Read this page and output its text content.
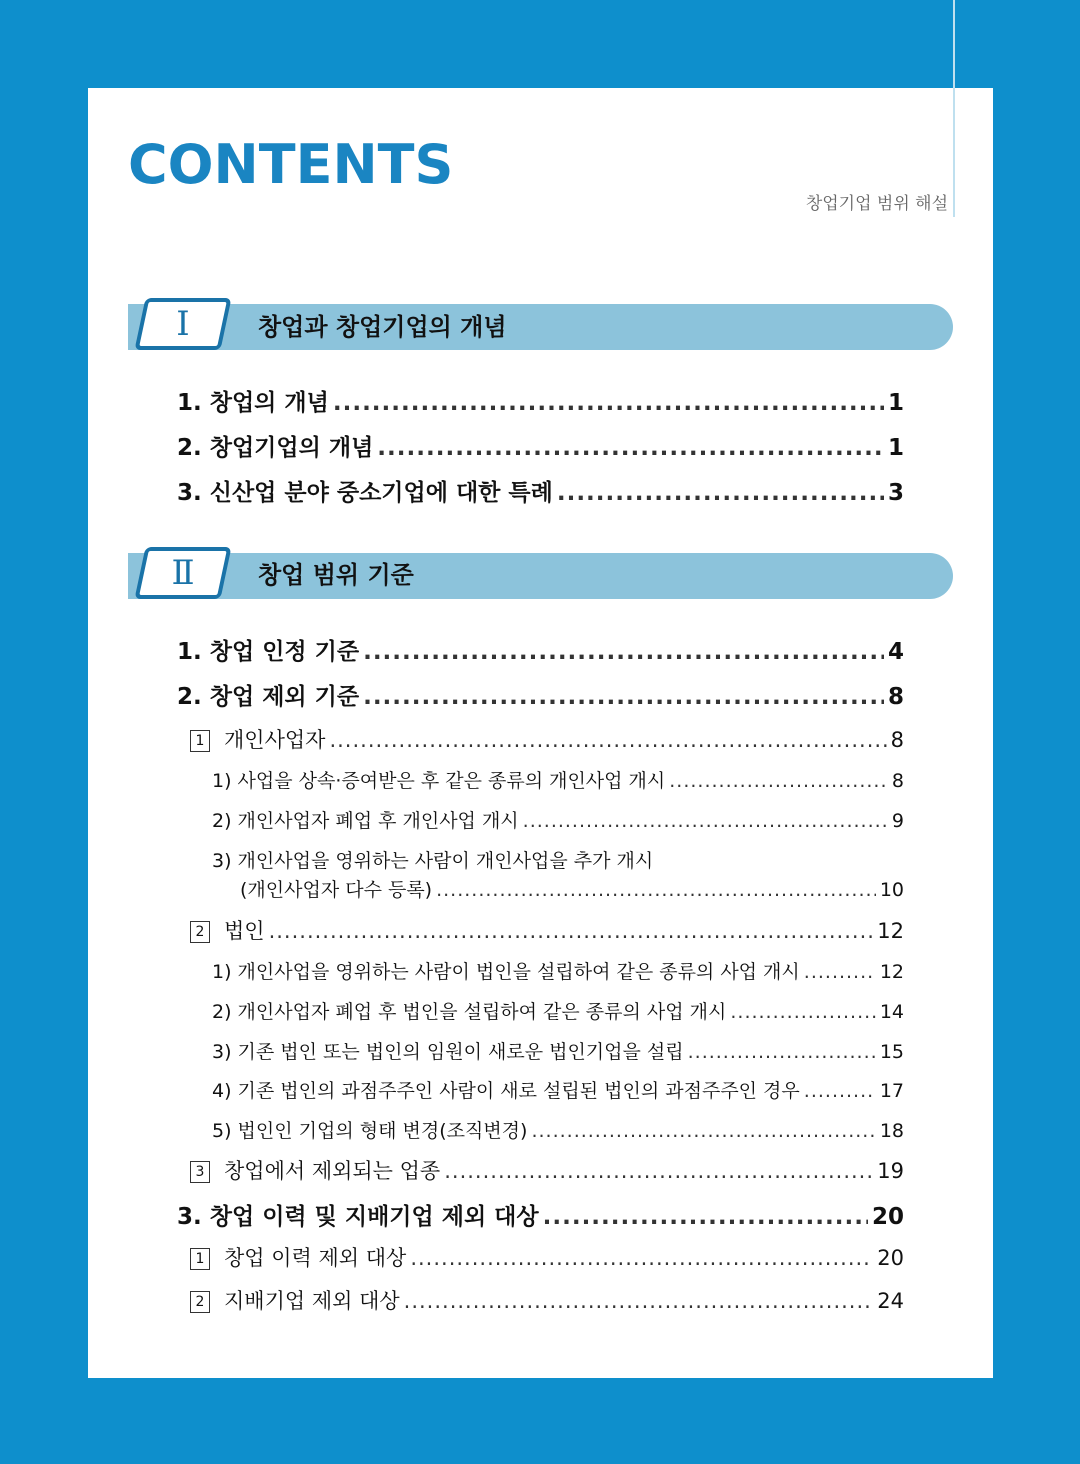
CONTENTS
창업기업 범위 해설
Ⅰ	창업과 창업기업의 개념
1. 창업의 개념 .....	1
2. 창업기업의 개념 .....	1
3. 신산업 분야 중소기업에 대한 특례 .....	3
Ⅱ	창업 범위 기준
1. 창업 인정 기준 .....	4
2. 창업 제외 기준 .....	8
1 개인사업자 .....	8
1) 사업을 상속·증여받은 후 같은 종류의 개인사업 개시 .....	8
2) 개인사업자 폐업 후 개인사업 개시 .....	9
3) 개인사업을 영위하는 사람이 개인사업을 추가 개시
(개인사업자 다수 등록) .....	10
2 법인 .....	12
1) 개인사업을 영위하는 사람이 법인을 설립하여 같은 종류의 사업 개시 .....	12
2) 개인사업자 폐업 후 법인을 설립하여 같은 종류의 사업 개시 .....	14
3) 기존 법인 또는 법인의 임원이 새로운 법인기업을 설립 .....	15
4) 기존 법인의 과점주주인 사람이 새로 설립된 법인의 과점주주인 경우 .....	17
5) 법인인 기업의 형태 변경(조직변경) .....	18
3 창업에서 제외되는 업종 .....	19
3. 창업 이력 및 지배기업 제외 대상 .....	20
1 창업 이력 제외 대상 .....	20
2 지배기업 제외 대상 .....	24
